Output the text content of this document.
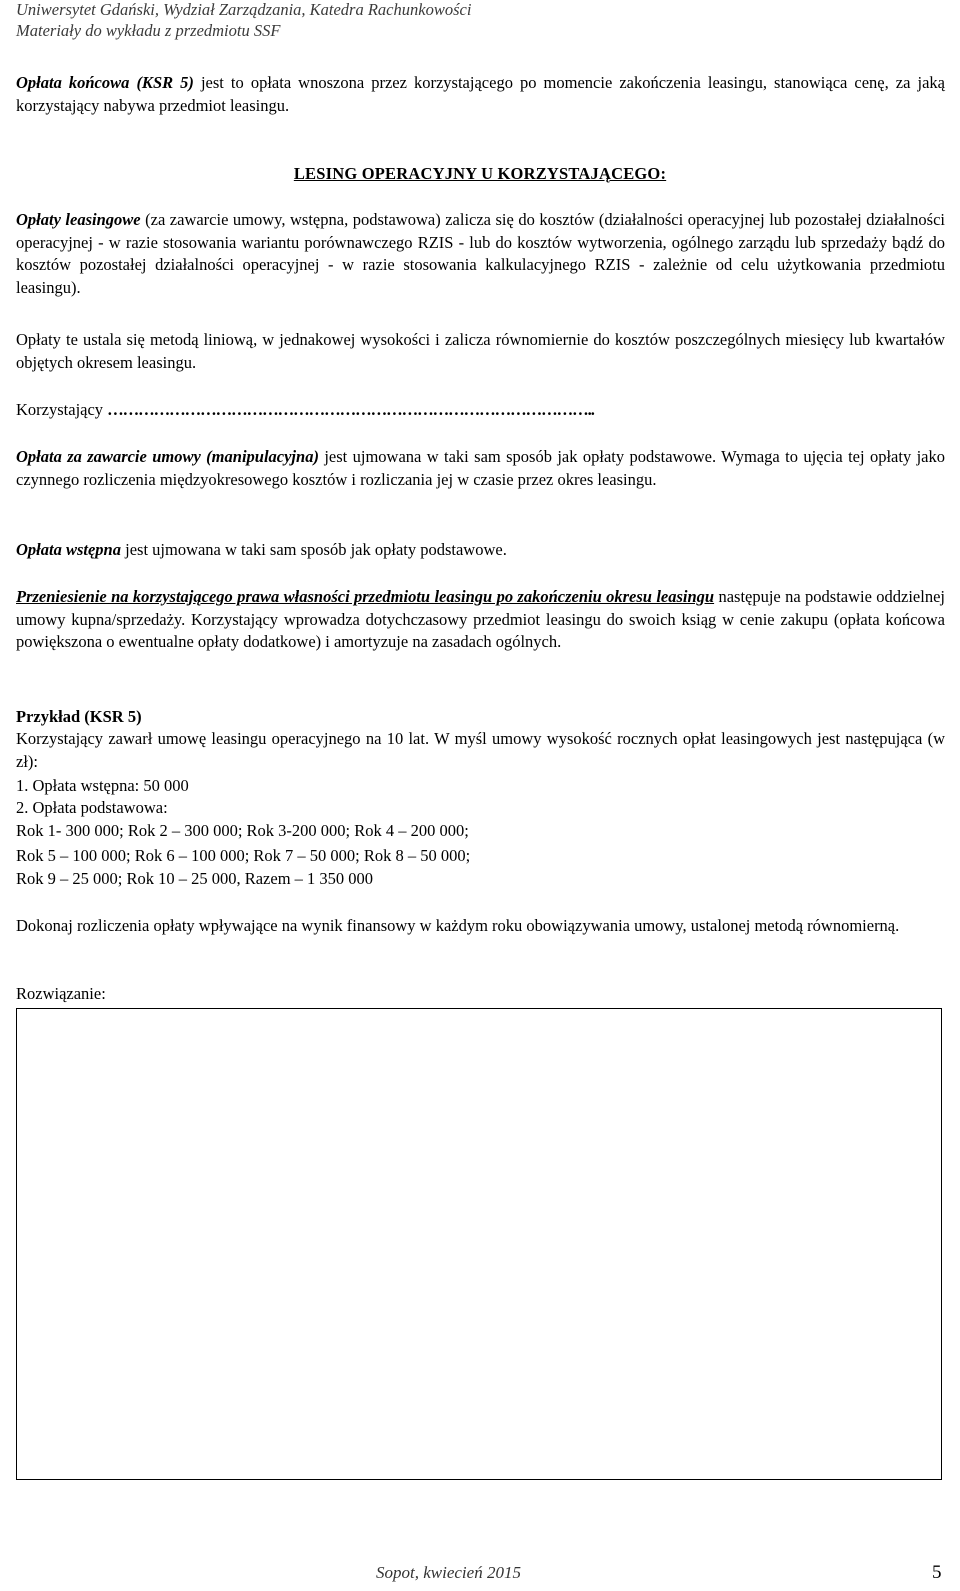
Uniwersytet Gdański, Wydział Zarządzania, Katedra Rachunkowości
Materiały do wykładu z przedmiotu SSF

Opłata końcowa (KSR 5) jest to opłata wnoszona przez korzystającego po momencie zakończenia leasingu, stanowiąca cenę, za jaką korzystający nabywa przedmiot leasingu.

LESING OPERACYJNY U KORZYSTAJĄCEGO:

Opłaty leasingowe (za zawarcie umowy, wstępna, podstawowa) zalicza się do kosztów (działalności operacyjnej lub pozostałej działalności operacyjnej - w razie stosowania wariantu porównawczego RZIS - lub do kosztów wytworzenia, ogólnego zarządu lub sprzedaży bądź do kosztów pozostałej działalności operacyjnej - w razie stosowania kalkulacyjnego RZIS - zależnie od celu użytkowania przedmiotu leasingu).

Opłaty te ustala się metodą liniową, w jednakowej wysokości i zalicza równomiernie do kosztów poszczególnych miesięcy lub kwartałów objętych okresem leasingu.

Korzystający …………………………………………………………………………………..

Opłata za zawarcie umowy (manipulacyjna) jest ujmowana w taki sam sposób jak opłaty podstawowe. Wymaga to ujęcia tej opłaty jako czynnego rozliczenia międzyokresowego kosztów i rozliczania jej w czasie przez okres leasingu.

Opłata wstępna jest ujmowana w taki sam sposób jak opłaty podstawowe.

Przeniesienie na korzystającego prawa własności przedmiotu leasingu po zakończeniu okresu leasingu następuje na podstawie oddzielnej umowy kupna/sprzedaży. Korzystający wprowadza dotychczasowy przedmiot leasingu do swoich ksiąg w cenie zakupu (opłata końcowa powiększona o ewentualne opłaty dodatkowe) i amortyzuje na zasadach ogólnych.

Przykład (KSR 5)

Korzystający zawarł umowę leasingu operacyjnego na 10 lat. W myśl umowy wysokość rocznych opłat leasingowych jest następująca (w zł):

1. Opłata wstępna: 50 000
2. Opłata podstawowa:
Rok 1- 300 000; Rok 2 – 300 000; Rok 3-200 000; Rok 4 – 200 000;
Rok 5 – 100 000; Rok 6 – 100 000; Rok 7 – 50 000; Rok 8 – 50 000;
Rok 9 – 25 000; Rok 10 – 25 000, Razem – 1 350 000

Dokonaj rozliczenia opłaty wpływające na wynik finansowy w każdym roku obowiązywania umowy, ustalonej metodą równomierną.

Rozwiązanie:
Sopot, kwiecień 2015	5
